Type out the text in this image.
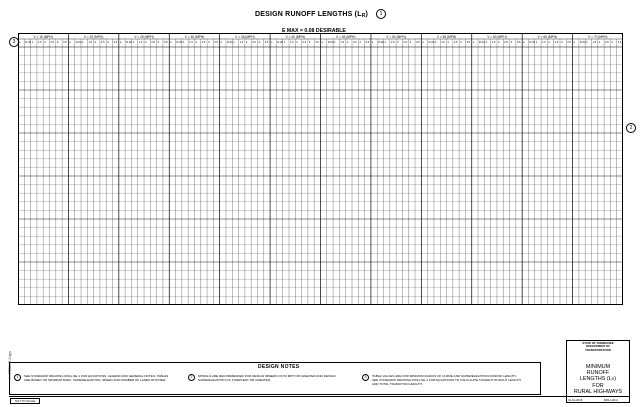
r:\...\RD11-LR-2.dgn
DESIGN RUNOFF LENGTHS $(L_R)$ 1
E MAX = 0.08 DESIRABLE
3
2
V = 15 (MPH)	V = 20 (MPH)	V = 25 (MPH)	V = 30 (MPH)	V = 35 (MPH)	V = 40 (MPH)	V = 45 (MPH)	V = 50 (MPH)	V = 55 (MPH)	V = 60 (MPH)	V = 65 (MPH)	V = 70 (MPH)
e R (ft) 1 1.5 2 2.5 3 3.5 e R (ft) 1 1.5 2 2.5 3 3.5 e R (ft) 1 1.5 2 2.5 3 3.5 e R (ft) 1 1.5 2 2.5 3 3.5 e R (ft) 1 1.5 2 2.5 3 3.5 e R (ft) 1 1.5 2 2.5 3 3.5 e R (ft) 1 1.5 2 2.5 3 3.5 e R (ft) 1 1.5 2 2.5 3 3.5 e R (ft) 1 1.5 2 2.5 3 3.5 e R (ft) 1 1.5 2 2.5 3 3.5 e R (ft) 1 1.5 2 2.5 3 3.5 e R (ft) 1 1.5 2 2.5 3 3.5
DESIGN NOTES
1 SEE STANDARD DRAWING RD11-SE-1 FOR EQUATIONS, LEGEND AND GENERAL NOTES. TABLES ARE BASED ON MINIMUM RADII, SUPERELEVATION, SPEED AND NUMBER OF LANES ROTATED.
2 SPIRALS ARE RECOMMENDED FOR DESIGN SPEEDS OF 50 MPH OR GREATER AND DESIGN SUPERELEVATION OF 3 PERCENT OR GREATER.
3 TABLE VALUES ARE FOR MINIMUM RADIUS OF CURVE AND SUPERELEVATION RUNOFF LENGTH. SEE STANDARD DRAWING RD11-SE-1 FOR EQUATIONS TO CALCULATE TANGENT RUNOUT LENGTH AND TOTAL TRANSITION LENGTH.
STATE OF TENNESSEE
DEPARTMENT OF TRANSPORTATION
MINIMUM
RUNOFF
LENGTHS (LR)
FOR
RURAL HIGHWAYS
01-01-2019	RD11-LR-2
NOT TO SCALE
